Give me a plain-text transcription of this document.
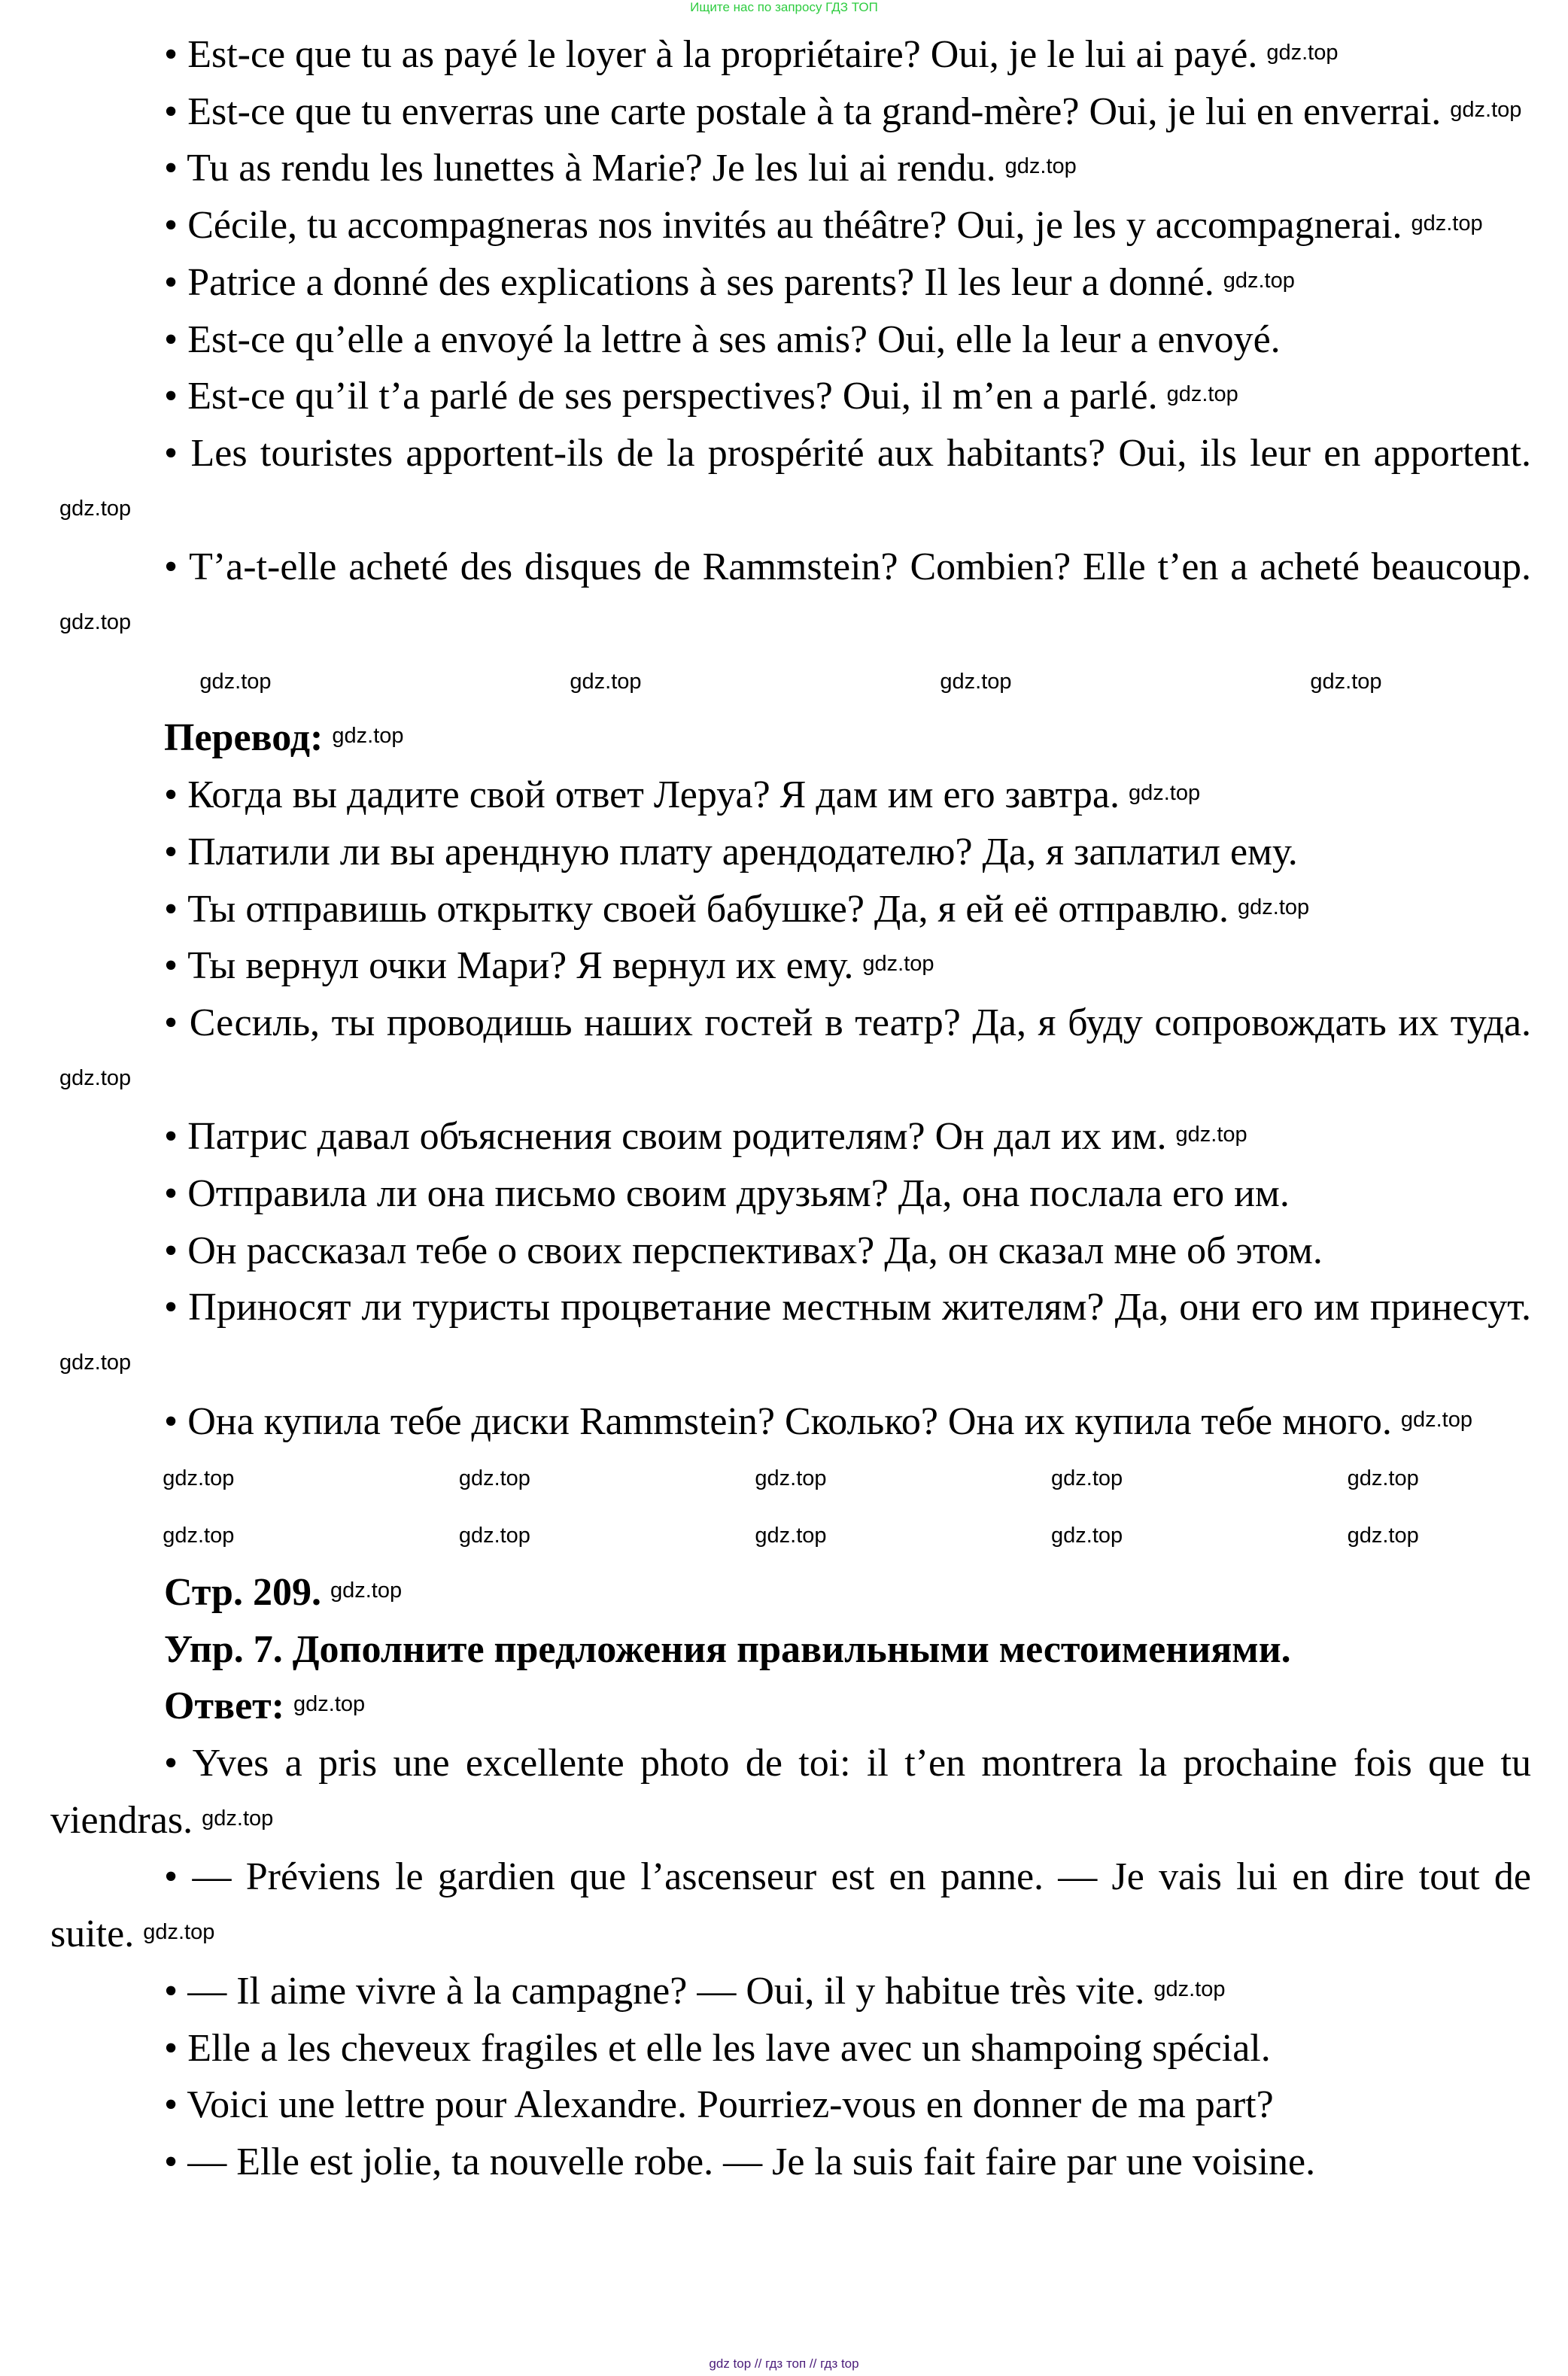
Ищите нас по запросу ГДЗ ТОП

• Est-ce que tu as payé le loyer à la propriétaire? Oui, je le lui ai payé. gdz.top

• Est-ce que tu enverras une carte postale à ta grand-mère? Oui, je lui en enverrai. gdz.top

• Tu as rendu les lunettes à Marie? Je les lui ai rendu. gdz.top

• Cécile, tu accompagneras nos invités au théâtre? Oui, je les y accompagnerai. gdz.top

• Patrice a donné des explications à ses parents? Il les leur a donné. gdz.top

• Est-ce qu’elle a envoyé la lettre à ses amis? Oui, elle la leur a envoyé.

• Est-ce qu’il t’a parlé de ses perspectives? Oui, il m’en a parlé. gdz.top

• Les touristes apportent-ils de la prospérité aux habitants? Oui, ils leur en apportent.gdz.top

• T’a-t-elle acheté des disques de Rammstein? Combien? Elle t’en a acheté beaucoup.gdz.top

gdz.top	gdz.top	gdz.top	gdz.top

Перевод: gdz.top

• Когда вы дадите свой ответ Леруа? Я дам им его завтра. gdz.top

• Платили ли вы арендную плату арендодателю? Да, я заплатил ему.

• Ты отправишь открытку своей бабушке? Да, я ей её отправлю. gdz.top

• Ты вернул очки Мари? Я вернул их ему. gdz.top

• Сесиль, ты проводишь наших гостей в театр? Да, я буду сопровождать их туда.gdz.top

• Патрис давал объяснения своим родителям? Он дал их им. gdz.top

• Отправила ли она письмо своим друзьям? Да, она послала его им.

• Он рассказал тебе о своих перспективах? Да, он сказал мне об этом.

• Приносят ли туристы процветание местным жителям? Да, они его им принесут.gdz.top

• Она купила тебе диски Rammstein? Сколько? Она их купила тебе много. gdz.top

gdz.top	gdz.top	gdz.top	gdz.top	gdz.top
gdz.top	gdz.top	gdz.top	gdz.top	gdz.top

Стр. 209. gdz.top

Упр. 7. Дополните предложения правильными местоимениями.

Ответ: gdz.top

• Yves a pris une excellente photo de toi: il t’en montrera la prochaine fois que tu viendras. gdz.top

• — Préviens le gardien que l’ascenseur est en panne. — Je vais lui en dire tout de suite. gdz.top

• — Il aime vivre à la campagne? — Oui, il y habitue très vite. gdz.top

• Elle a les cheveux fragiles et elle les lave avec un shampoing spécial.

• Voici une lettre pour Alexandre. Pourriez-vous en donner de ma part?

• — Elle est jolie, ta nouvelle robe. — Je la suis fait faire par une voisine.

gdz top // гдз топ // гдз top
